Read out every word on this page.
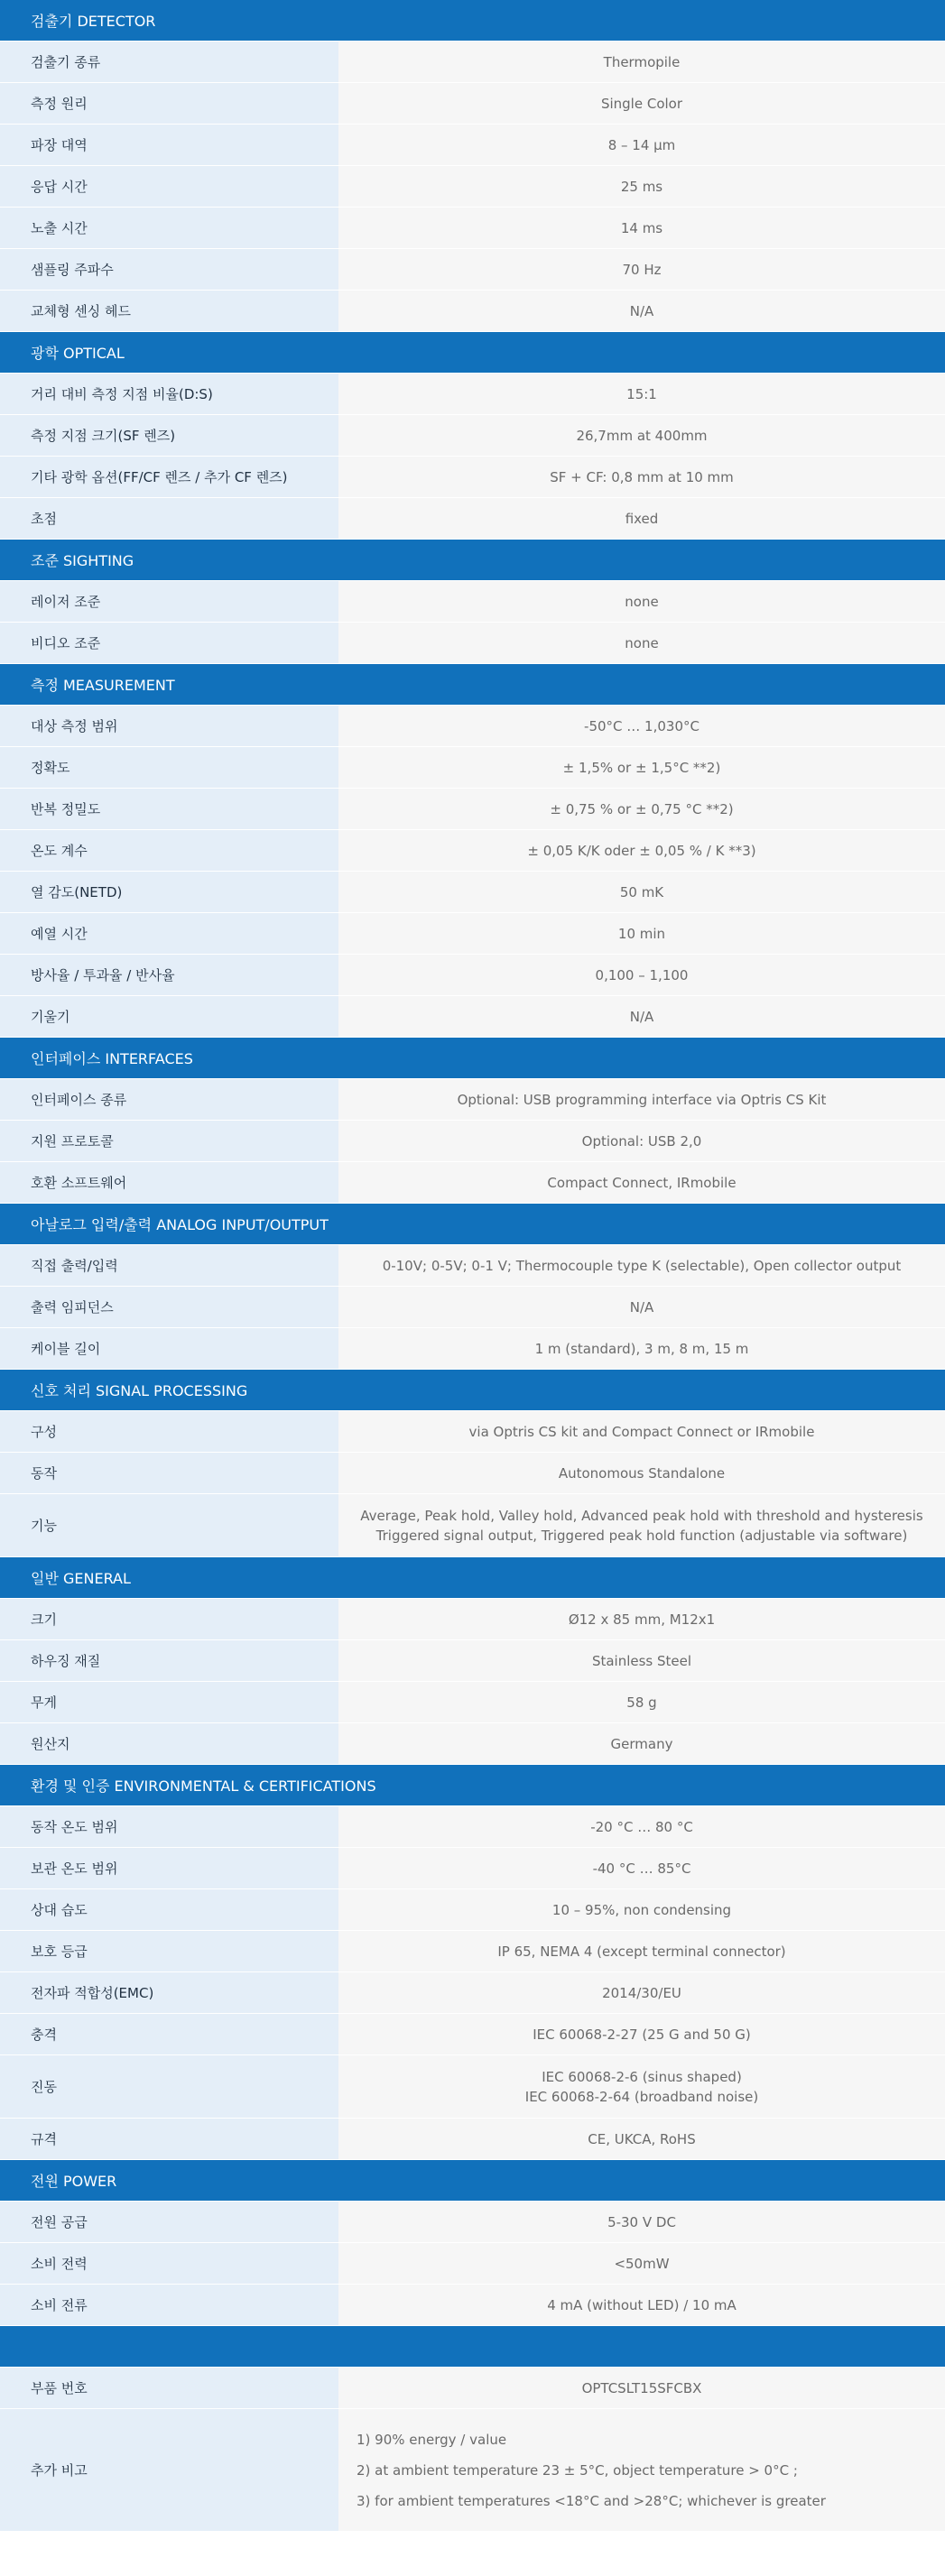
검출기 DETECTOR
검출기 종류	Thermopile
측정 원리	Single Color
파장 대역	8 – 14 μm
응답 시간	25 ms
노출 시간	14 ms
샘플링 주파수	70 Hz
교체형 센싱 헤드	N/A
광학 OPTICAL
거리 대비 측정 지점 비율(D:S)	15:1
측정 지점 크기(SF 렌즈)	26,7mm at 400mm
기타 광학 옵션(FF/CF 렌즈 / 추가 CF 렌즈)	SF + CF: 0,8 mm at 10 mm
초점	fixed
조준 SIGHTING
레이저 조준	none
비디오 조준	none
측정 MEASUREMENT
대상 측정 범위	-50°C … 1,030°C
정확도	± 1,5% or ± 1,5°C **2)
반복 정밀도	± 0,75 % or ± 0,75 °C **2)
온도 계수	± 0,05 K/K oder ± 0,05 % / K **3)
열 감도(NETD)	50 mK
예열 시간	10 min
방사율 / 투과율 / 반사율	0,100 – 1,100
기울기	N/A
인터페이스 INTERFACES
인터페이스 종류	Optional: USB programming interface via Optris CS Kit
지원 프로토콜	Optional: USB 2,0
호환 소프트웨어	Compact Connect, IRmobile
아날로그 입력/출력 ANALOG INPUT/OUTPUT
직접 출력/입력	0-10V; 0-5V; 0-1 V; Thermocouple type K (selectable), Open collector output
출력 임피던스	N/A
케이블 길이	1 m (standard), 3 m, 8 m, 15 m
신호 처리 SIGNAL PROCESSING
구성	via Optris CS kit and Compact Connect or IRmobile
동작	Autonomous Standalone
기능
Average, Peak hold, Valley hold, Advanced peak hold with threshold and hysteresis
Triggered signal output, Triggered peak hold function (adjustable via software)
일반 GENERAL
크기	Ø12 x 85 mm, M12x1
하우징 재질	Stainless Steel
무게	58 g
원산지	Germany
환경 및 인증 ENVIRONMENTAL & CERTIFICATIONS
동작 온도 범위	-20 °C … 80 °C
보관 온도 범위	-40 °C … 85°C
상대 습도	10 – 95%, non condensing
보호 등급	IP 65, NEMA 4 (except terminal connector)
전자파 적합성(EMC)	2014/30/EU
충격	IEC 60068-2-27 (25 G and 50 G)
진동
IEC 60068-2-6 (sinus shaped)
IEC 60068-2-64 (broadband noise)
규격	CE, UKCA, RoHS
전원 POWER
전원 공급	5-30 V DC
소비 전력	<50mW
소비 전류	4 mA (without LED) / 10 mA
부품 번호	OPTCSLT15SFCBX
추가 비고
1) 90% energy / value
2) at ambient temperature 23 ± 5°C, object temperature > 0°C ;
3) for ambient temperatures <18°C and >28°C; whichever is greater
